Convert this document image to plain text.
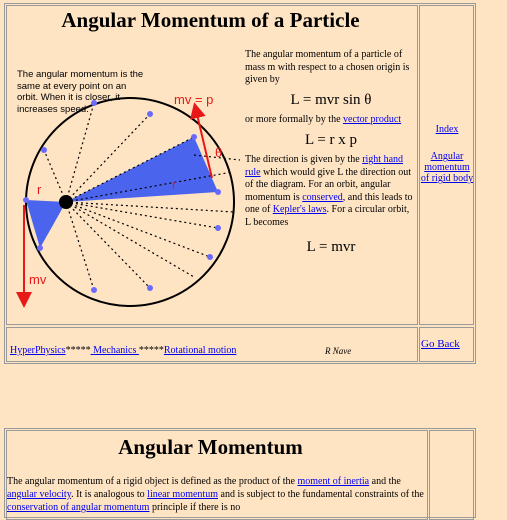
Angular Momentum of a Particle
mv = p
θ
r
r
mv
The angular momentum is the same at every point on an orbit. When it is closer, it increases speed.

The angular momentum of a particle of mass m with respect to a chosen origin is given by

L = mvr sin θ

or more formally by the vector product

L = r x p

The direction is given by the right hand rule which would give L the direction out of the diagram. For an orbit, angular momentum is conserved, and this leads to one of Kepler's laws. For a circular orbit, L becomes

L = mvr

Index
Angular momentum of rigid body
HyperPhysics***** Mechanics *****Rotational motion	R Nave
Go Back
Angular Momentum

The angular momentum of a rigid object is defined as the product of the moment of inertia and the angular velocity. It is analogous to linear momentum and is subject to the fundamental constraints of the conservation of angular momentum principle if there is no
